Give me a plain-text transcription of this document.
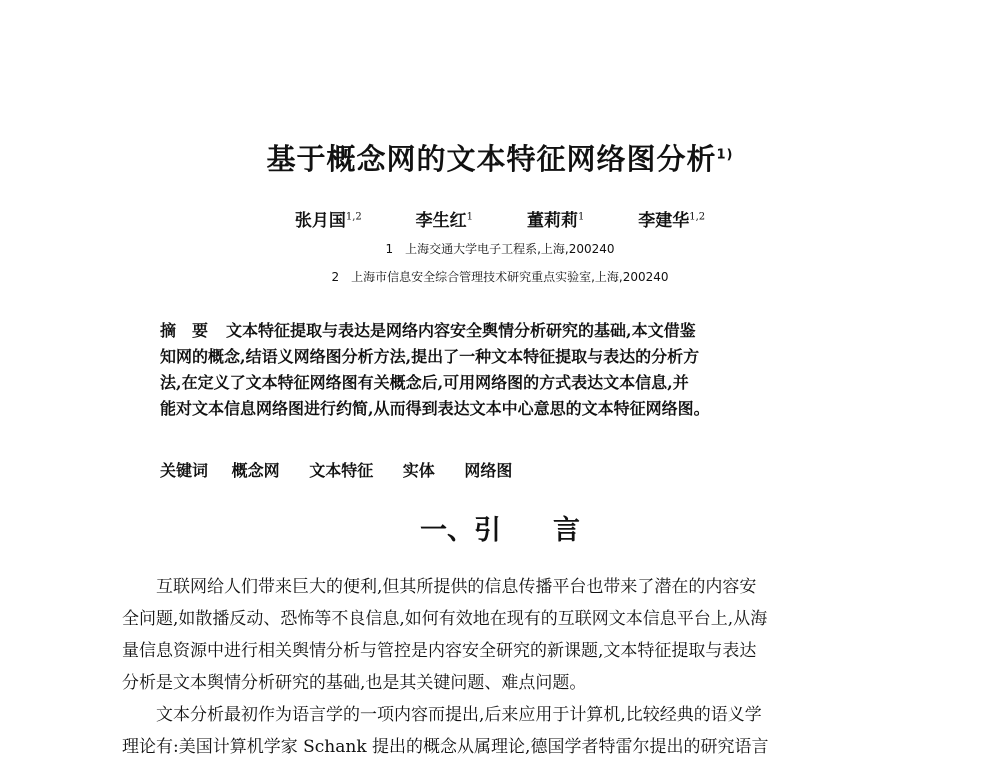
基于概念网的文本特征网络图分析$^{1)}$
张月国$^{1,2}$	李生红$^1$	董莉莉$^1$	李建华$^{1,2}$
1 上海交通大学电子工程系,上海,200240
2 上海市信息安全综合管理技术研究重点实验室,上海,200240
摘　要 文本特征提取与表达是网络内容安全舆情分析研究的基础,本文借鉴
知网的概念,结语义网络图分析方法,提出了一种文本特征提取与表达的分析方
法,在定义了文本特征网络图有关概念后,可用网络图的方式表达文本信息,并
能对文本信息网络图进行约简,从而得到表达文本中心意思的文本特征网络图。
关键词 概念网 文本特征 实体 网络图
一、引 言
互联网给人们带来巨大的便利,但其所提供的信息传播平台也带来了潜在的内容安
全问题,如散播反动、恐怖等不良信息,如何有效地在现有的互联网文本信息平台上,从海
量信息资源中进行相关舆情分析与管控是内容安全研究的新课题,文本特征提取与表达
分析是文本舆情分析研究的基础,也是其关键问题、难点问题。
文本分析最初作为语言学的一项内容而提出,后来应用于计算机,比较经典的语义学
理论有:美国计算机学家 Schank 提出的概念从属理论,德国学者特雷尔提出的研究语言
